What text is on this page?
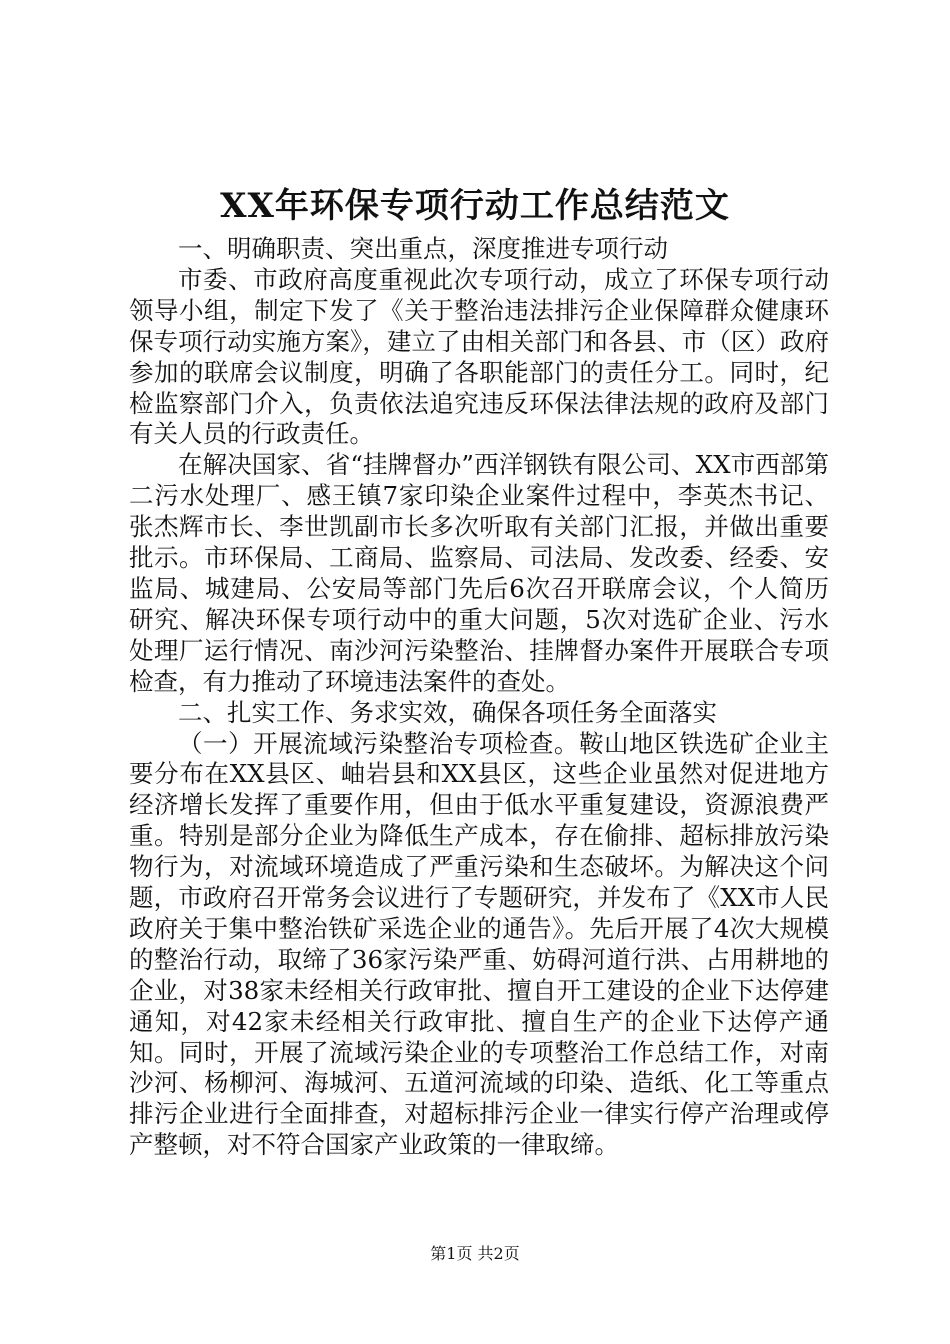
XX年环保专项行动工作总结范文

一、明确职责、突出重点，深度推进专项行动

市委、市政府高度重视此次专项行动，成立了环保专项行动领导小组，制定下发了《关于整治违法排污企业保障群众健康环保专项行动实施方案》，建立了由相关部门和各县、市（区）政府参加的联席会议制度，明确了各职能部门的责任分工。同时，纪检监察部门介入，负责依法追究违反环保法律法规的政府及部门有关人员的行政责任。

在解决国家、省“挂牌督办”西洋钢铁有限公司、XX市西部第二污水处理厂、感王镇7家印染企业案件过程中，李英杰书记、张杰辉市长、李世凯副市长多次听取有关部门汇报，并做出重要批示。市环保局、工商局、监察局、司法局、发改委、经委、安监局、城建局、公安局等部门先后6次召开联席会议，个人简历研究、解决环保专项行动中的重大问题，5次对选矿企业、污水处理厂运行情况、南沙河污染整治、挂牌督办案件开展联合专项检查，有力推动了环境违法案件的查处。

二、扎实工作、务求实效，确保各项任务全面落实

（一）开展流域污染整治专项检查。鞍山地区铁选矿企业主要分布在XX县区、岫岩县和XX县区，这些企业虽然对促进地方经济增长发挥了重要作用，但由于低水平重复建设，资源浪费严重。特别是部分企业为降低生产成本，存在偷排、超标排放污染物行为，对流域环境造成了严重污染和生态破坏。为解决这个问题，市政府召开常务会议进行了专题研究，并发布了《XX市人民政府关于集中整治铁矿采选企业的通告》。先后开展了4次大规模的整治行动，取缔了36家污染严重、妨碍河道行洪、占用耕地的企业，对38家未经相关行政审批、擅自开工建设的企业下达停建通知，对42家未经相关行政审批、擅自生产的企业下达停产通知。同时，开展了流域污染企业的专项整治工作总结工作，对南沙河、杨柳河、海城河、五道河流域的印染、造纸、化工等重点排污企业进行全面排查，对超标排污企业一律实行停产治理或停产整顿，对不符合国家产业政策的一律取缔。

第1页 共2页
